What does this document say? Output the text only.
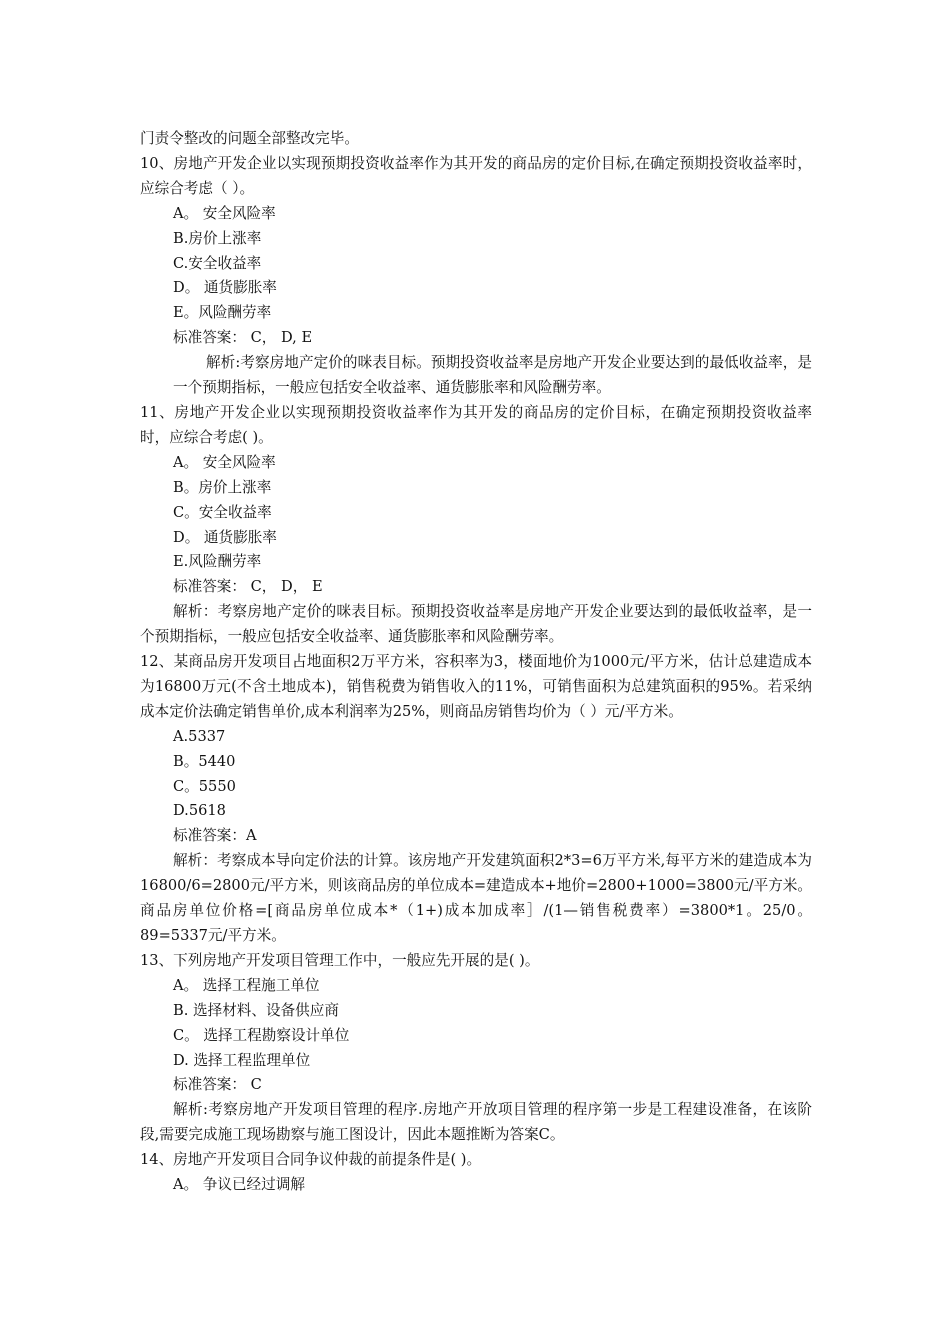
门责令整改的问题全部整改完毕。

10、房地产开发企业以实现预期投资收益率作为其开发的商品房的定价目标,在确定预期投资收益率时，应综合考虑（ ）。

A。 安全风险率

B.房价上涨率

C.安全收益率

D。 通货膨胀率

E。风险酬劳率

标准答案： C， D, E

解析:考察房地产定价的咪表目标。预期投资收益率是房地产开发企业要达到的最低收益率，是一个预期指标，一般应包括安全收益率、通货膨胀率和风险酬劳率。

11、房地产开发企业以实现预期投资收益率作为其开发的商品房的定价目标，在确定预期投资收益率时，应综合考虑( )。

A。 安全风险率

B。房价上涨率

C。安全收益率

D。 通货膨胀率

E.风险酬劳率

标准答案： C， D， E

解析：考察房地产定价的咪表目标。预期投资收益率是房地产开发企业要达到的最低收益率，是一个预期指标，一般应包括安全收益率、通货膨胀率和风险酬劳率。

12、某商品房开发项目占地面积2万平方米，容积率为3，楼面地价为1000元/平方米，估计总建造成本为16800万元(不含土地成本)，销售税费为销售收入的11%，可销售面积为总建筑面积的95%。若采纳成本定价法确定销售单价,成本利润率为25%，则商品房销售均价为（ ）元/平方米。

A.5337

B。5440

C。5550

D.5618

标准答案：A

解析：考察成本导向定价法的计算。该房地产开发建筑面积2*3=6万平方米,每平方米的建造成本为16800/6=2800元/平方米，则该商品房的单位成本=建造成本+地价=2800+1000=3800元/平方米。商品房单位价格=[商品房单位成本*（1+)成本加成率］/(1—销售税费率）=3800*1。25/0。89=5337元/平方米。

13、下列房地产开发项目管理工作中，一般应先开展的是( )。

A。 选择工程施工单位

B. 选择材料、设备供应商

C。 选择工程勘察设计单位

D. 选择工程监理单位

标准答案： C

解析:考察房地产开发项目管理的程序.房地产开放项目管理的程序第一步是工程建设准备，在该阶段,需要完成施工现场勘察与施工图设计，因此本题推断为答案C。

14、房地产开发项目合同争议仲裁的前提条件是( )。

A。 争议已经过调解
